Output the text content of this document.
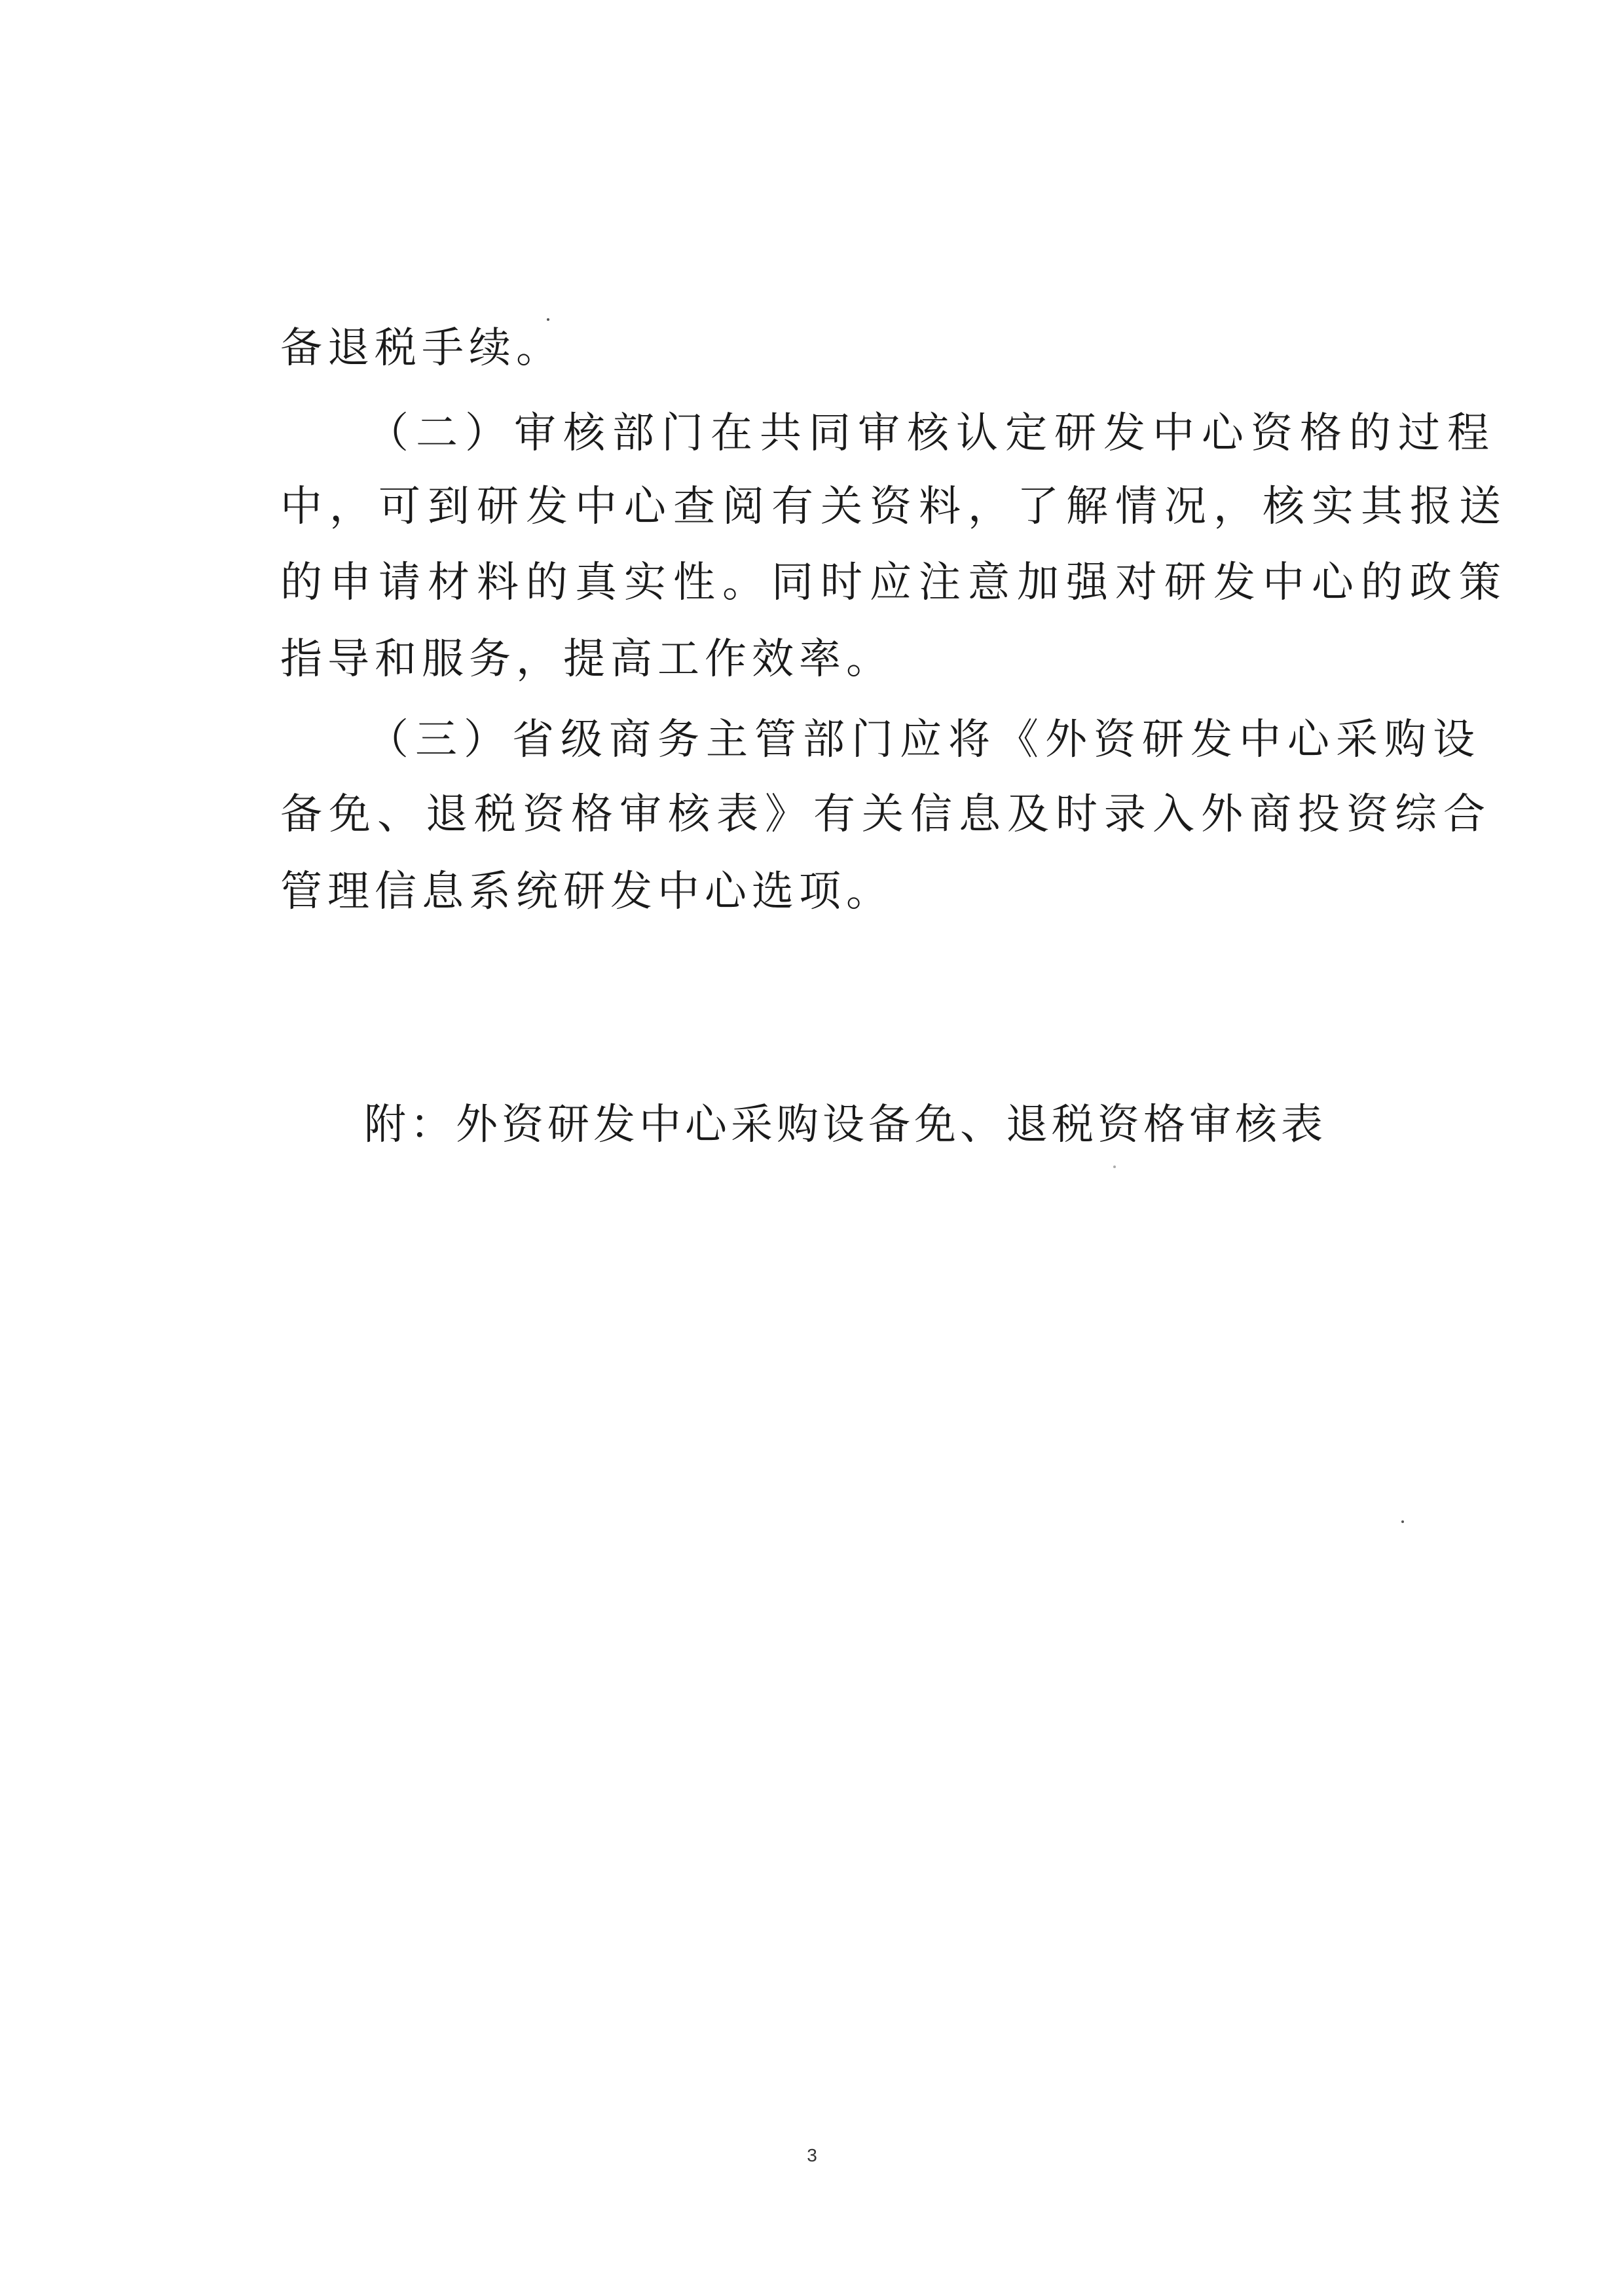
备退税手续。
（二）审核部门在共同审核认定研发中心资格的过程
中，可到研发中心查阅有关资料，了解情况，核实其报送
的申请材料的真实性。同时应注意加强对研发中心的政策
指导和服务，提高工作效率。
（三）省级商务主管部门应将《外资研发中心采购设
备免、退税资格审核表》有关信息及时录入外商投资综合
管理信息系统研发中心选项。
附：外资研发中心采购设备免、退税资格审核表
3
